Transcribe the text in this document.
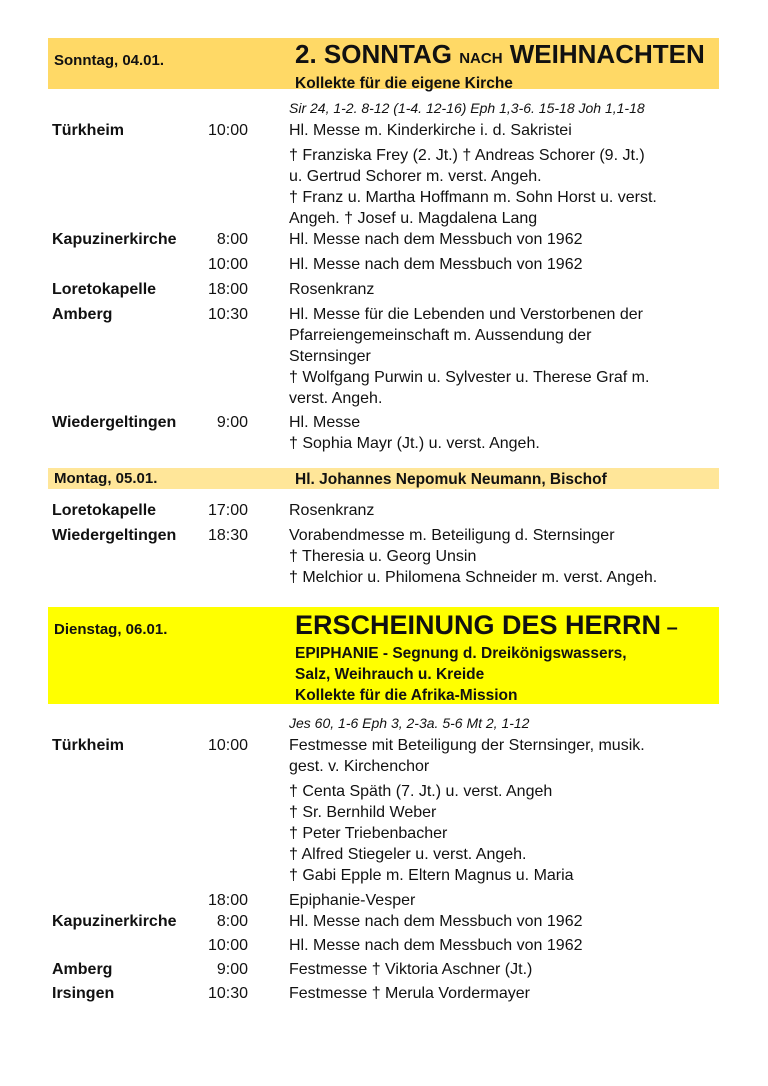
Sonntag, 04.01.	2. SONNTAG NACH WEIHNACHTEN
Kollekte für die eigene Kirche
Sir 24, 1-2. 8-12 (1-4. 12-16) Eph 1,3-6. 15-18 Joh 1,1-18
Türkheim	10:00	Hl. Messe m. Kinderkirche i. d. Sakristei
† Franziska Frey (2. Jt.) † Andreas Schorer (9. Jt.)
u. Gertrud Schorer m. verst. Angeh.
† Franz u. Martha Hoffmann m. Sohn Horst u. verst.
Angeh. † Josef u. Magdalena Lang
Kapuzinerkirche	8:00	Hl. Messe nach dem Messbuch von 1962
10:00	Hl. Messe nach dem Messbuch von 1962
Loretokapelle	18:00	Rosenkranz
Amberg	10:30	Hl. Messe für die Lebenden und Verstorbenen der
Pfarreiengemeinschaft m. Aussendung der
Sternsinger
† Wolfgang Purwin u. Sylvester u. Therese Graf m.
verst. Angeh.
Wiedergeltingen	9:00	Hl. Messe
† Sophia Mayr (Jt.) u. verst. Angeh.
Montag, 05.01.	Hl. Johannes Nepomuk Neumann, Bischof
Loretokapelle	17:00	Rosenkranz
Wiedergeltingen	18:30	Vorabendmesse m. Beteiligung d. Sternsinger
† Theresia u. Georg Unsin
† Melchior u. Philomena Schneider m. verst. Angeh.
Dienstag, 06.01.	ERSCHEINUNG DES HERRN –
EPIPHANIE - Segnung d. Dreikönigswassers,
Salz, Weihrauch u. Kreide
Kollekte für die Afrika-Mission
Jes 60, 1-6 Eph 3, 2-3a. 5-6 Mt 2, 1-12
Türkheim	10:00	Festmesse mit Beteiligung der Sternsinger, musik.
gest. v. Kirchenchor
† Centa Späth (7. Jt.) u. verst. Angeh
† Sr. Bernhild Weber
† Peter Triebenbacher
† Alfred Stiegeler u. verst. Angeh.
† Gabi Epple m. Eltern Magnus u. Maria
18:00	Epiphanie-Vesper
Kapuzinerkirche	8:00	Hl. Messe nach dem Messbuch von 1962
10:00	Hl. Messe nach dem Messbuch von 1962
Amberg	9:00	Festmesse † Viktoria Aschner (Jt.)
Irsingen	10:30	Festmesse † Merula Vordermayer
